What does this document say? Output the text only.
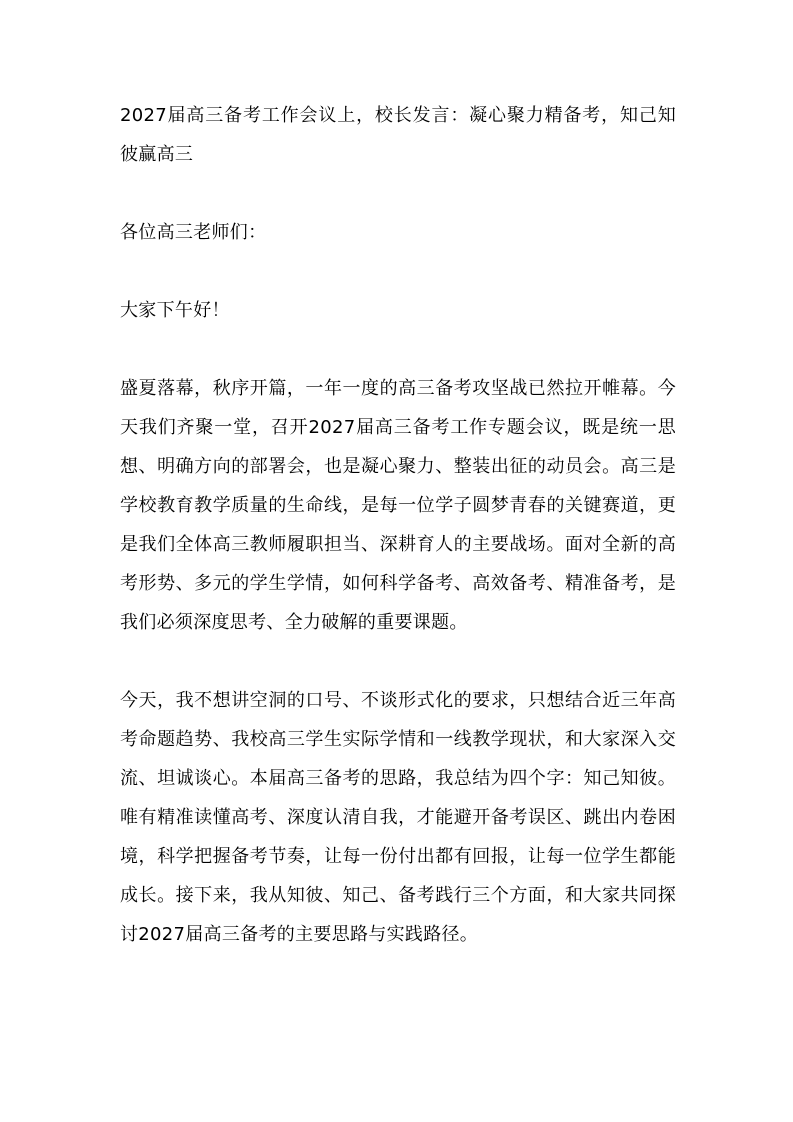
2027届高三备考工作会议上，校长发言：凝心聚力精备考，知己知彼赢高三

各位高三老师们：

大家下午好！

盛夏落幕，秋序开篇，一年一度的高三备考攻坚战已然拉开帷幕。今天我们齐聚一堂，召开2027届高三备考工作专题会议，既是统一思想、明确方向的部署会，也是凝心聚力、整装出征的动员会。高三是学校教育教学质量的生命线，是每一位学子圆梦青春的关键赛道，更是我们全体高三教师履职担当、深耕育人的主要战场。面对全新的高考形势、多元的学生学情，如何科学备考、高效备考、精准备考，是我们必须深度思考、全力破解的重要课题。

今天，我不想讲空洞的口号、不谈形式化的要求，只想结合近三年高考命题趋势、我校高三学生实际学情和一线教学现状，和大家深入交流、坦诚谈心。本届高三备考的思路，我总结为四个字：知己知彼。唯有精准读懂高考、深度认清自我，才能避开备考误区、跳出内卷困境，科学把握备考节奏，让每一份付出都有回报，让每一位学生都能成长。接下来，我从知彼、知己、备考践行三个方面，和大家共同探讨2027届高三备考的主要思路与实践路径。
